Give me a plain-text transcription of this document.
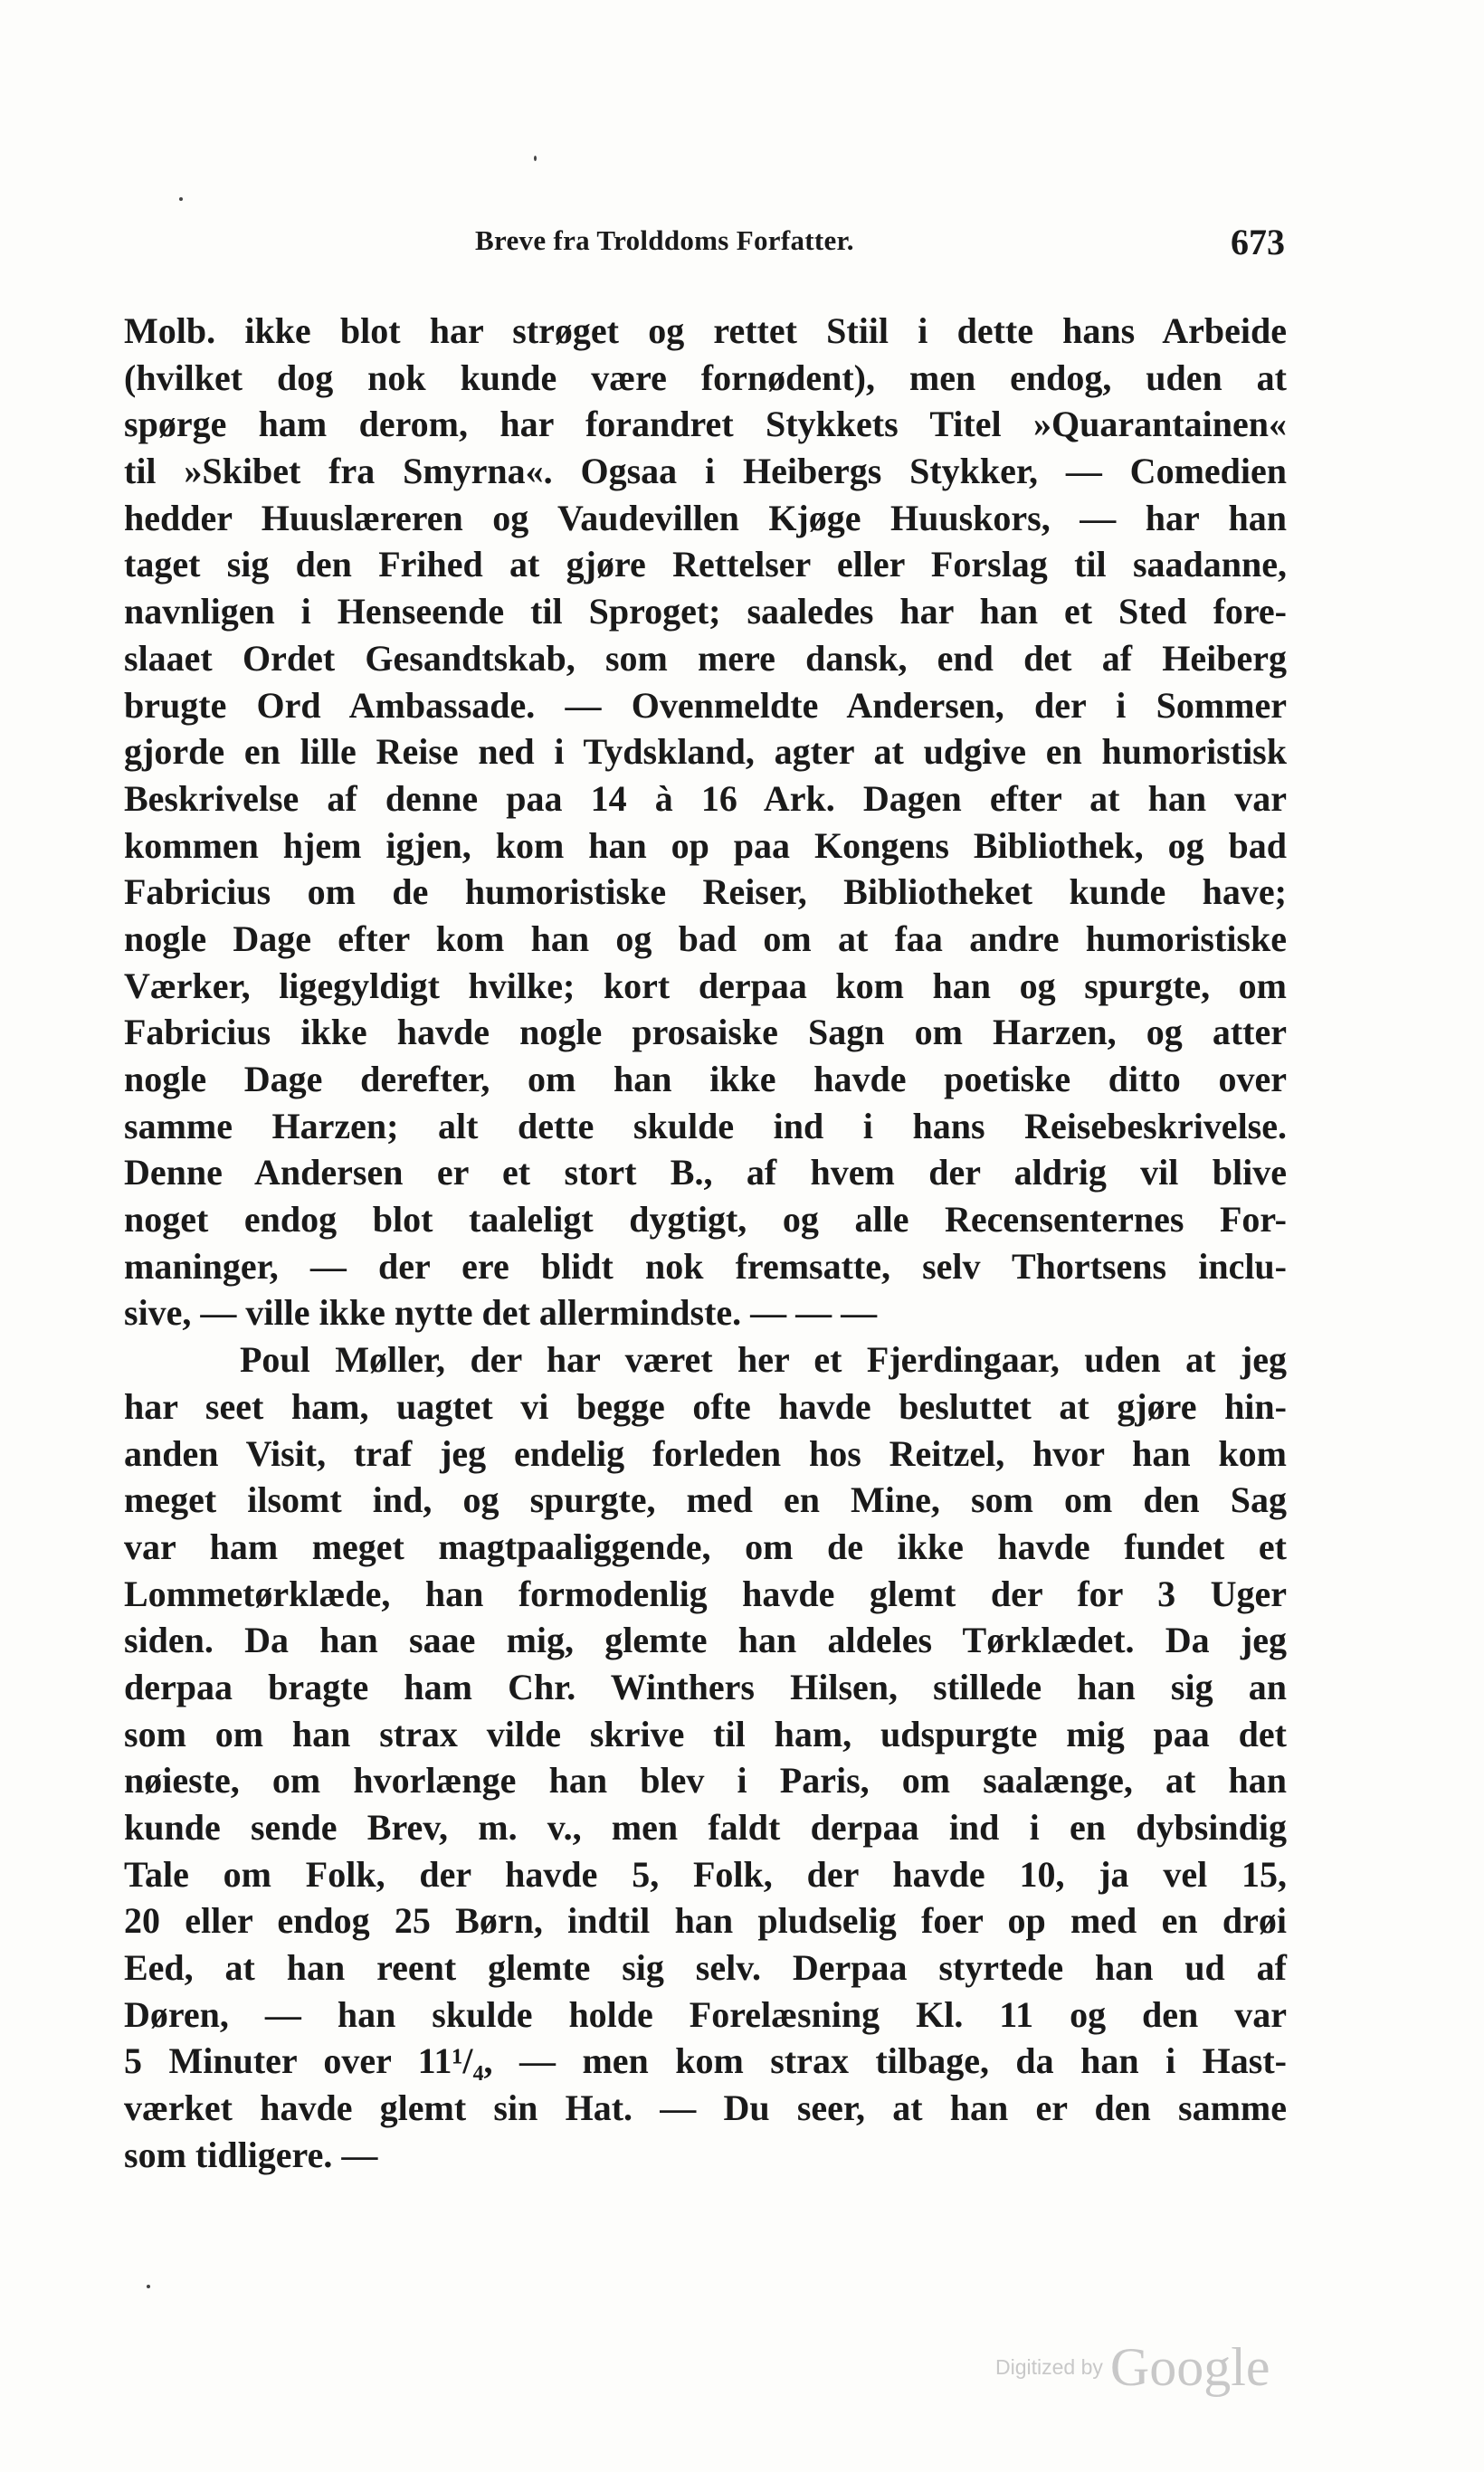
Breve fra Trolddoms Forfatter.	673
Molb. ikke blot har strøget og rettet Stiil i dette hans Arbeide
(hvilket dog nok kunde være fornødent), men endog, uden at
spørge ham derom, har forandret Stykkets Titel »Quarantainen«
til »Skibet fra Smyrna«. Ogsaa i Heibergs Stykker, — Comedien
hedder Huuslæreren og Vaudevillen Kjøge Huuskors, — har han
taget sig den Frihed at gjøre Rettelser eller Forslag til saadanne,
navnligen i Henseende til Sproget; saaledes har han et Sted fore-
slaaet Ordet Gesandtskab, som mere dansk, end det af Heiberg
brugte Ord Ambassade. — Ovenmeldte Andersen, der i Sommer
gjorde en lille Reise ned i Tydskland, agter at udgive en humoristisk
Beskrivelse af denne paa 14 à 16 Ark. Dagen efter at han var
kommen hjem igjen, kom han op paa Kongens Bibliothek, og bad
Fabricius om de humoristiske Reiser, Bibliotheket kunde have;
nogle Dage efter kom han og bad om at faa andre humoristiske
Værker, ligegyldigt hvilke; kort derpaa kom han og spurgte, om
Fabricius ikke havde nogle prosaiske Sagn om Harzen, og atter
nogle Dage derefter, om han ikke havde poetiske ditto over
samme Harzen; alt dette skulde ind i hans Reisebeskrivelse.
Denne Andersen er et stort B., af hvem der aldrig vil blive
noget endog blot taaleligt dygtigt, og alle Recensenternes For-
maninger, — der ere blidt nok fremsatte, selv Thortsens inclu-
sive, — ville ikke nytte det allermindste. — — —
Poul Møller, der har været her et Fjerdingaar, uden at jeg
har seet ham, uagtet vi begge ofte havde besluttet at gjøre hin-
anden Visit, traf jeg endelig forleden hos Reitzel, hvor han kom
meget ilsomt ind, og spurgte, med en Mine, som om den Sag
var ham meget magtpaaliggende, om de ikke havde fundet et
Lommetørklæde, han formodenlig havde glemt der for 3 Uger
siden. Da han saae mig, glemte han aldeles Tørklædet. Da jeg
derpaa bragte ham Chr. Winthers Hilsen, stillede han sig an
som om han strax vilde skrive til ham, udspurgte mig paa det
nøieste, om hvorlænge han blev i Paris, om saalænge, at han
kunde sende Brev, m. v., men faldt derpaa ind i en dybsindig
Tale om Folk, der havde 5, Folk, der havde 10, ja vel 15,
20 eller endog 25 Børn, indtil han pludselig foer op med en drøi
Eed, at han reent glemte sig selv. Derpaa styrtede han ud af
Døren, — han skulde holde Forelæsning Kl. 11 og den var
5 Minuter over 11¹/₄, — men kom strax tilbage, da han i Hast-
værket havde glemt sin Hat. — Du seer, at han er den samme
som tidligere. —
Digitized by Google
